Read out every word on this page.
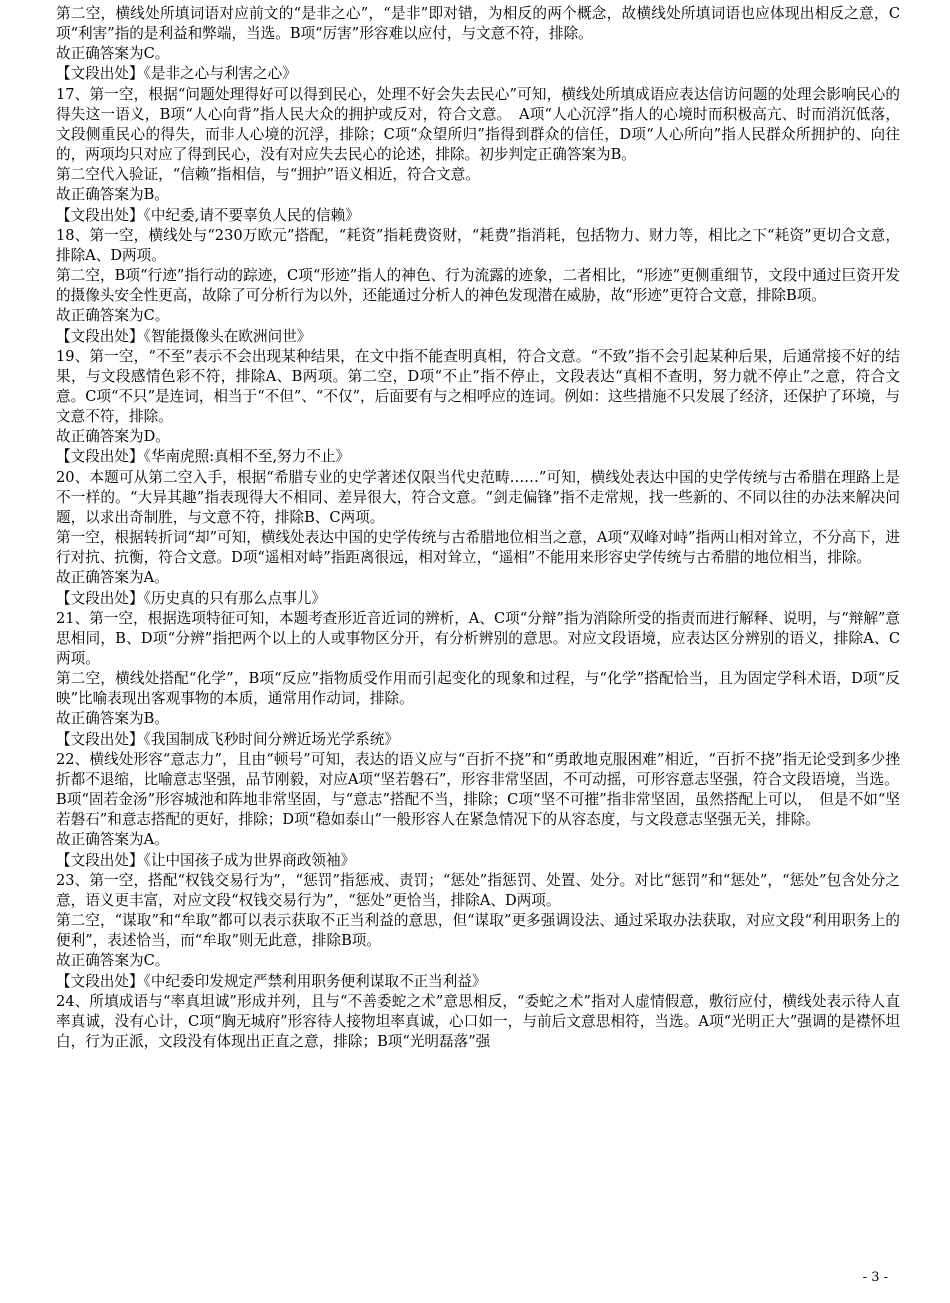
第二空，横线处所填词语对应前文的“是非之心”，“是非”即对错，为相反的两个概念，故横线处所填词语也应体现出相反之意，C项“利害”指的是利益和弊端，当选。B项“厉害”形容难以应付，与文意不符，排除。

故正确答案为C。

【文段出处】《是非之心与利害之心》

17、第一空，根据“问题处理得好可以得到民心，处理不好会失去民心”可知，横线处所填成语应表达信访问题的处理会影响民心的得失这一语义，B项“人心向背”指人民大众的拥护或反对，符合文意。　A项“人心沉浮”指人的心境时而积极高亢、时而消沉低落，文段侧重民心的得失，而非人心境的沉浮，排除；C项“众望所归”指得到群众的信任，D项“人心所向”指人民群众所拥护的、向往的，两项均只对应了得到民心，没有对应失去民心的论述，排除。初步判定正确答案为B。

第二空代入验证，“信赖”指相信，与“拥护”语义相近，符合文意。

故正确答案为B。

【文段出处】《中纪委,请不要辜负人民的信赖》

18、第一空，横线处与“230万欧元”搭配，“耗资”指耗费资财，“耗费”指消耗，包括物力、财力等，相比之下“耗资”更切合文意，排除A、D两项。

第二空，B项“行迹”指行动的踪迹，C项“形迹”指人的神色、行为流露的迹象，二者相比，“形迹”更侧重细节，文段中通过巨资开发的摄像头安全性更高，故除了可分析行为以外，还能通过分析人的神色发现潜在威胁，故“形迹”更符合文意，排除B项。

故正确答案为C。

【文段出处】《智能摄像头在欧洲问世》

19、第一空，“不至”表示不会出现某种结果，在文中指不能查明真相，符合文意。“不致”指不会引起某种后果，后通常接不好的结果，与文段感情色彩不符，排除A、B两项。第二空，D项“不止”指不停止，文段表达“真相不查明，努力就不停止”之意，符合文意。C项“不只”是连词，相当于“不但”、“不仅”，后面要有与之相呼应的连词。例如：这些措施不只发展了经济，还保护了环境，与文意不符，排除。

故正确答案为D。

【文段出处】《华南虎照:真相不至,努力不止》

20、本题可从第二空入手，根据“希腊专业的史学著述仅限当代史范畴……”可知，横线处表达中国的史学传统与古希腊在理路上是不一样的。“大异其趣”指表现得大不相同、差异很大，符合文意。“剑走偏锋”指不走常规，找一些新的、不同以往的办法来解决问题，以求出奇制胜，与文意不符，排除B、C两项。

第一空，根据转折词“却”可知，横线处表达中国的史学传统与古希腊地位相当之意，A项“双峰对峙”指两山相对耸立，不分高下，进行对抗、抗衡，符合文意。D项“遥相对峙”指距离很远，相对耸立，“遥相”不能用来形容史学传统与古希腊的地位相当，排除。

故正确答案为A。

【文段出处】《历史真的只有那么点事儿》

21、第一空，根据选项特征可知，本题考查形近音近词的辨析，A、C项“分辩”指为消除所受的指责而进行解释、说明，与“辩解”意思相同，B、D项“分辨”指把两个以上的人或事物区分开，有分析辨别的意思。对应文段语境，应表达区分辨别的语义，排除A、C两项。

第二空，横线处搭配“化学”，B项“反应”指物质受作用而引起变化的现象和过程，与“化学”搭配恰当，且为固定学科术语，D项“反映”比喻表现出客观事物的本质，通常用作动词，排除。

故正确答案为B。

【文段出处】《我国制成飞秒时间分辨近场光学系统》

22、横线处形容“意志力”，且由“顿号”可知，表达的语义应与“百折不挠”和“勇敢地克服困难”相近，“百折不挠”指无论受到多少挫折都不退缩，比喻意志坚强，品节刚毅，对应A项“坚若磐石”，形容非常坚固，不可动摇，可形容意志坚强，符合文段语境，当选。

B项“固若金汤”形容城池和阵地非常坚固，与“意志”搭配不当，排除；C项“坚不可摧”指非常坚固，虽然搭配上可以，　但是不如“坚若磐石”和意志搭配的更好，排除；D项“稳如泰山”一般形容人在紧急情况下的从容态度，与文段意志坚强无关，排除。

故正确答案为A。

【文段出处】《让中国孩子成为世界商政领袖》

23、第一空，搭配“权钱交易行为”，“惩罚”指惩戒、责罚；“惩处”指惩罚、处置、处分。对比“惩罚”和“惩处”，“惩处”包含处分之意，语义更丰富，对应文段“权钱交易行为”，“惩处”更恰当，排除A、D两项。

第二空，“谋取”和“牟取”都可以表示获取不正当利益的意思，但“谋取”更多强调设法、通过采取办法获取，对应文段“利用职务上的便利”，表述恰当，而“牟取”则无此意，排除B项。

故正确答案为C。

【文段出处】《中纪委印发规定严禁利用职务便利谋取不正当利益》

24、所填成语与“率真坦诚”形成并列，且与“不善委蛇之术”意思相反，“委蛇之术”指对人虚情假意，敷衍应付，横线处表示待人直率真诚，没有心计，C项“胸无城府”形容待人接物坦率真诚，心口如一，与前后文意思相符，当选。A项“光明正大”强调的是襟怀坦白，行为正派，文段没有体现出正直之意，排除；B项“光明磊落”强

- 3 -
